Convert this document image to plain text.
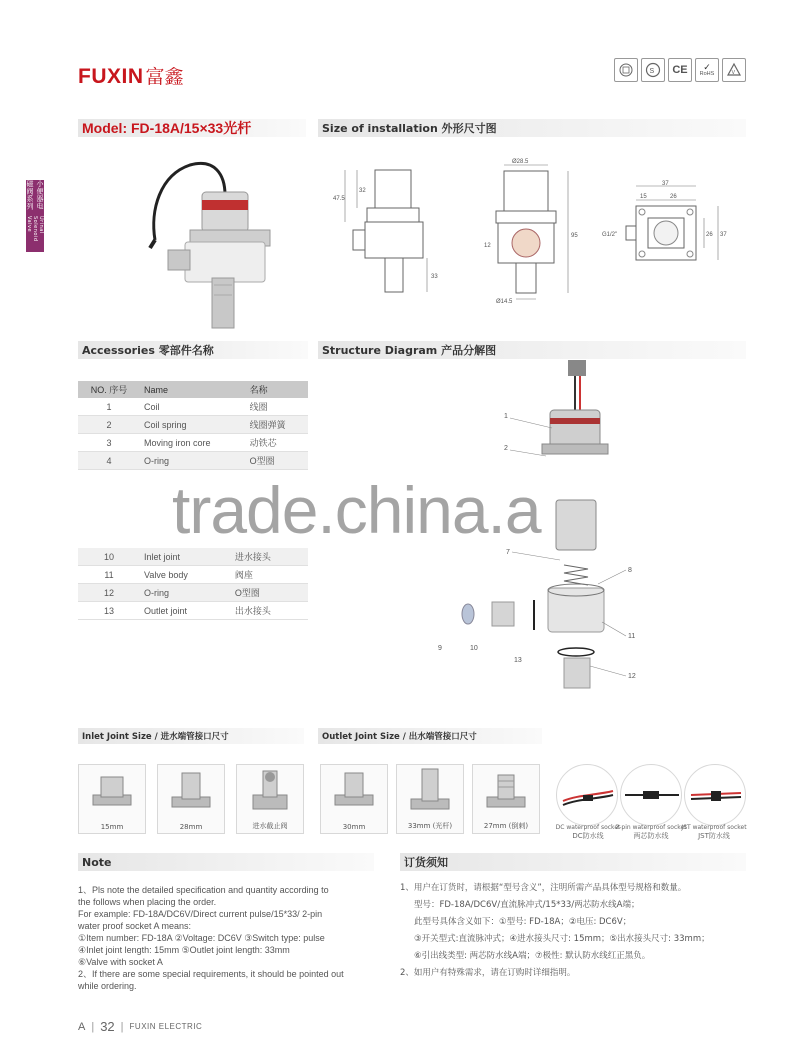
FUXIN 富鑫	S	CE	✓
RoHS	V
小便器电磁阀系列
Urinal Solenoid Valve
Model: FD-18A/15×33光杆	Size of installation 外形尺寸图
47.5
32
33
Ø28.5
12
95
Ø14.5
37
15	26
G1/2"	26 37
Accessories 零部件名称	Structure Diagram 产品分解图
NO. 序号	Name	名称
1	Coil	线圈
2	Coil spring	线圈弹簧
3	Moving iron core	动铁芯
4	O-ring	O型圈
10	Inlet joint	进水接头
11	Valve body	阀座
12	O-ring	O型圈
13	Outlet joint	出水接头
1
2
7
8
9	10
11
12
13
trade.china.a
Inlet Joint Size / 进水端管接口尺寸	Outlet Joint Size / 出水端管接口尺寸
15mm	28mm	进水截止阀	30mm	33mm (光杆)	27mm (倒刺)	DC waterproof socket
DC防水线
2-pin waterproof socket
两芯防水线
JST waterproof socket
JST防水线
Note	订货须知
1、Pls note the detailed specification and quantity according to
the follows when placing the order.
For example: FD-18A/DC6V/Direct current pulse/15*33/ 2-pin
water proof socket A means:
①Item number: FD-18A ②Voltage: DC6V ③Switch type: pulse
④Inlet joint length: 15mm ⑤Outlet joint length: 33mm
⑥Valve with socket A
2、If there are some special requirements, it should be pointed out
while ordering.
1、用户在订货时，请根据“型号含义”，注明所需产品具体型号规格和数量。
型号：FD-18A/DC6V/直流脉冲式/15*33/两芯防水线A端；
此型号具体含义如下：①型号: FD-18A；②电压: DC6V；
③开关型式:直流脉冲式；④进水接头尺寸: 15mm；⑤出水接头尺寸: 33mm；
⑥引出线类型: 两芯防水线A端；⑦极性: 默认防水线红正黑负。
2、如用户有特殊需求，请在订购时详细指明。
A | 32 | FUXIN ELECTRIC
